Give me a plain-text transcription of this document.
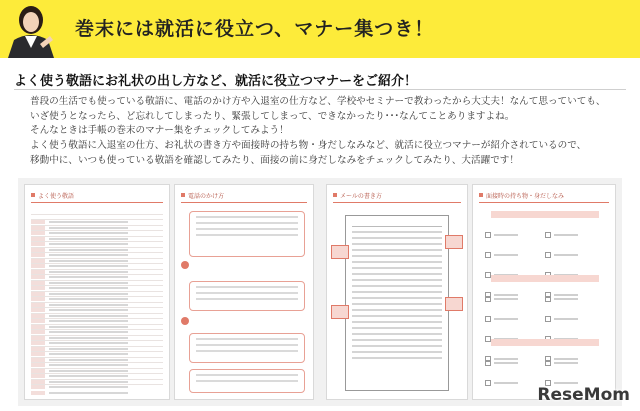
巻末には就活に役立つ、マナー集つき！
よく使う敬語にお礼状の出し方など、就活に役立つマナーをご紹介！
普段の生活でも使っている敬語に、電話のかけ方や入退室の仕方など、学校やセミナーで教わったから大丈夫！なんて思っていても、
いざ使うとなったら、ど忘れしてしまったり、緊張してしまって、できなかったり･･･なんてことありますよね。
そんなときは手帳の巻末のマナー集をチェックしてみよう！
よく使う敬語に入退室の仕方、お礼状の書き方や面接時の持ち物・身だしなみなど、就活に役立つマナーが紹介されているので、
移動中に、いつも使っている敬語を確認してみたり、面接の前に身だしなみをチェックしてみたり、大活躍です！
よく使う敬語	電話のかけ方	メールの書き方	面接時の持ち物・身だしなみ

ReseMom
